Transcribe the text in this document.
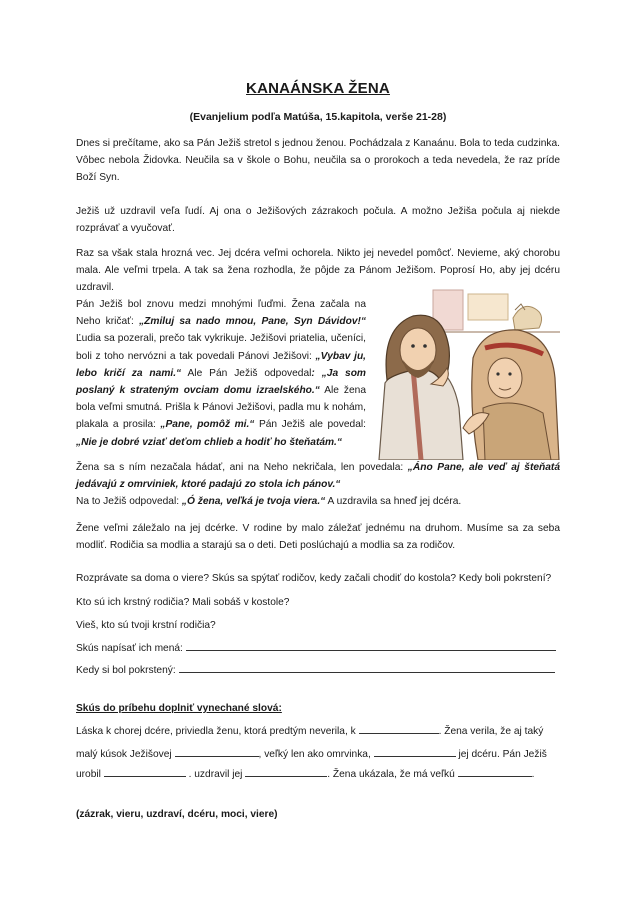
KANAÁNSKA ŽENA
(Evanjelium podľa Matúša, 15.kapitola, verše 21-28)
Dnes si prečítame, ako sa Pán Ježiš stretol s jednou ženou. Pochádzala z Kanaánu. Bola to teda cudzinka. Vôbec nebola Židovka. Neučila sa v škole o Bohu, neučila sa o prorokoch a teda nevedela, že raz príde Boží Syn.
Ježiš už uzdravil veľa ľudí. Aj ona o Ježišových zázrakoch počula. A možno Ježiša počula aj niekde rozprávať a vyučovať.
Raz sa však stala hrozná vec. Jej dcéra veľmi ochorela. Nikto jej nevedel pomôcť. Nevieme, aký chorobu mala. Ale veľmi trpela. A tak sa žena rozhodla, že pôjde za Pánom Ježišom. Poprosí Ho, aby jej dcéru uzdravil.
Pán Ježiš bol znovu medzi mnohými ľuďmi. Žena začala na Neho kričať: „Zmiluj sa nado mnou, Pane, Syn Dávidov!“ Ľudia sa pozerali, prečo tak vykrikuje. Ježišovi priatelia, učeníci, boli z toho nervózni a tak povedali Pánovi Ježišovi: „Vybav ju, lebo kričí za nami.“ Ale Pán Ježiš odpovedal: „Ja som poslaný k strateným ovciam domu izraelského.“ Ale žena bola veľmi smutná. Prišla k Pánovi Ježišovi, padla mu k nohám, plakala a prosila: „Pane, pomôž mi.“ Pán Ježiš ale povedal: „Nie je dobré vziať deťom chlieb a hodiť ho šteňatám.“
Žena sa s ním nezačala hádať, ani na Neho nekričala, len povedala: „Áno Pane, ale veď aj šteňatá jedávajú z omrviniek, ktoré padajú zo stola ich pánov.“
Na to Ježiš odpovedal: „Ó žena, veľká je tvoja viera.“ A uzdravila sa hneď jej dcéra.
Žene veľmi záležalo na jej dcérke. V rodine by malo záležať jednému na druhom. Musíme sa za seba modliť. Rodičia sa modlia a starajú sa o deti. Deti poslúchajú a modlia sa za rodičov.
Rozprávate sa doma o viere? Skús sa spýtať rodičov, kedy začali chodiť do kostola? Kedy boli pokrstení?
Kto sú ich krstný rodičia? Mali sobáš v kostole?
Vieš, kto sú tvoji krstní rodičia?
Skús napísať ich mená:
Kedy si bol pokrstený:
Skús do príbehu doplniť vynechané slová:
Láska k chorej dcére, priviedla ženu, ktorá predtým neverila, k	. Žena verila, že aj taký
malý kúsok Ježišovej	, veľký len ako omrvinka,	jej dcéru. Pán Ježiš
urobil	. uzdravil jej	. Žena ukázala, že má veľkú	.
(zázrak, vieru, uzdraví, dcéru, moci, viere)
